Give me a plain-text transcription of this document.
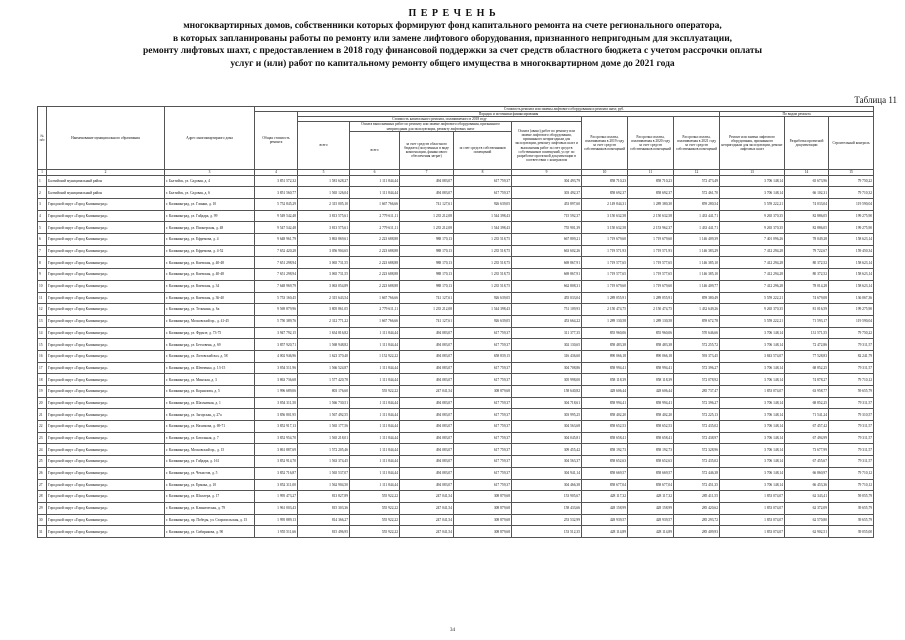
П Е Р Е Ч Е Н Ь
многоквартирных домов, собственники которых формируют фонд капитального ремонта на счете регионального оператора,
в которых запланированы работы по ремонту или замене лифтового оборудования, признанного непригодным для эксплуатации,
ремонту лифтовых шахт, с предоставлением в 2018 году финансовой поддержки за счет средств областного бюджета с учетом рассрочки оплаты
услуг и (или) работ по капитальному ремонту общего имущества в многоквартирном доме до 2021 года
Таблица 11
№ п/п	Наименование муниципального образования	Адрес многоквартирного дома	Стоимость ремонта или замены лифтового оборудования и ремонта шахт, руб.											
			Общая стоимость ремонта	Порядок и источники финансирования								По видам ремонта		
				Стоимость капитального ремонта, оплачиваемого в 2018 году					Рассрочка оплаты, оплачиваемая в 2019 году за счет средств собственников помещений	Рассрочка оплаты, оплачиваемая в 2020 году за счет средств собственников помещений	Рассрочка оплаты, оплачиваемая в 2021 году за счет средств собственников помещений	Ремонт или замена лифтового оборудования, признанного непригодным для эксплуатации, ремонт лифтовых шахт	Разработка проектной документации	Строительный контроль
				всего	Оплата выполненных работ по ремонту или замене лифтового оборудования, признанного непригодным для эксплуатации, ремонту лифтовых шахт			Оплата (аванс) работ по ремонту или замене лифтового оборудования, признанного непригодным для эксплуатации, ремонту лифтовых шахт и выполнения работ за счет средств собственников помещений, услуг по разработке проектной документации в соответствии с контрактом						
					всего	за счет средств областного бюджета (полученных в виде компенсации, финансового обеспечения затрат)	за счет средств собственников помещений							
1	2	3	4	5	6	7	8	9	10	11	12	13	14	15
1	Балтийский муниципальный район	г. Балтийск, ул. Садовая, д. 4	3 851 572,32	1 581 628,27	1 111 844,44	494 083,07	617 759,37	304 493,79	858 710,23	858 710,23	572 473,49	3 706 148,14	65 673,96	79 750,22
2	Балтийский муниципальный район	г. Балтийск, ул. Садовая, д. 6	3 851 560,77	1 565 126,04	1 111 844,44	494 083,07	617 759,37	303 492,37	858 692,37	858 692,37	572 461,70	3 706 148,14	66 102,31	79 710,32
3	Городской округ «Город Калининград»	г. Калининград, ул. Глинки, д. 10	5 752 845,29	2 315 005,10	1 667 766,66	741 127,61	926 639,05	453 897,60	2 149 844,31	1 289 380,30	859 280,54	5 559 222,21	74 033,04	119 590,04
4	Городской округ «Город Калининград»	г. Калининград, ул. Гайдара, д. 99	9 549 542,48	3 813 575,61	2 779 611,11	1 235 212,08	1 544 398,43	715 592,37	3 150 632,58	2 150 632,58	1 433 441,71	9 265 370,35	82 886,05	199 275,90
5	Городской округ «Город Калининград»	г. Калининград, ул. Пионерская, д. 48	9 547 542,48	3 813 575,61	2 779 611,11	1 235 212,08	1 544 398,43	755 901,39	3 150 632,58	2 153 962,37	1 433 441,71	9 265 370,35	82 886,05	199 275,90
6	Городской округ «Город Калининград»	г. Калининград, ул. Ефремова, д. 4	9 648 961,79	3 863 869,61	2 223 688,88	988 170,13	1 235 518,75	667 809,21	1 719 679,60	1 719 679,60	1 146 409,39	7 401 096,26	78 049,28	158 623,14
7	Городской округ «Город Калининград»	г. Калининград, ул. Ефремова, д. 4-52	7 652 420,28	3 056 904,65	2 223 688,88	988 170,13	1 235 518,75	663 602,26	1 719 571,93	1 719 571,93	1 146 383,29	7 412 294,28	79 722,67	159 450,34
8	Городской округ «Город Калининград»	г. Калининград, ул. Киевская, д. 40-48	7 651 298,94	3 065 731,55	2 223 688,88	988 170,13	1 235 518,75	669 867,91	1 719 577,65	1 719 577,65	1 146 385,10	7 412 294,28	80 372,52	158 623,14
9	Городской округ «Город Калининград»	г. Калининград, ул. Киевская, д. 40-48	7 651 298,94	3 065 731,55	2 223 688,88	988 170,13	1 235 518,75	669 867,91	1 719 577,65	1 719 577,65	1 146 385,10	7 412 294,28	80 372,52	158 623,14
10	Городской округ «Город Калининград»	г. Калининград, ул. Киевская, д. 34	7 648 969,79	3 063 054,89	2 223 688,88	988 170,13	1 235 518,75	662 808,31	1 719 679,60	1 719 679,60	1 146 409,77	7 412 296,28	78 014,28	158 623,14
11	Городской округ «Город Калининград»	г. Калининград, ул. Киевская, д. 36-40	5 753 160,45	2 315 643,54	1 667 766,66	741 127,61	926 639,05	455 033,04	1 289 055,91	1 289 055,91	859 380,49	5 559 222,21	74 679,08	136 067,36
12	Городской округ «Город Калининград»	г. Калининград, ул. Тельмана, д. 6а	9 569 879,96	3 805 861,05	2 779 611,11	1 235 212,08	1 544 398,43	751 109,93	2 150 474,75	2 150 474,75	1 432 649,26	9 265 370,35	81 016,59	199 275,90
13	Городской округ «Город Калининград»	г. Калининград, Московский пр., д. 41-45	5 750 389,76	2 312 771,22	1 667 766,66	741 127,61	926 639,05	453 664,22	1 289 130,58	1 289 130,58	859 672,78	5 559 222,21	71 593,17	119 590,04
14	Городской округ «Город Калининград»	г. Калининград, ул. Фрунзе, д. 73-75	3 947 792,15	1 634 816,82	1 111 844,44	494 083,07	617 759,37	311 377,35	855 960,06	855 960,06	570 646,66	3 706 148,14	131 571,55	79 750,22
15	Городской округ «Город Калининград»	г. Калининград, ул. Бетховена, д. 69	3 857 920,71	1 568 948,82	1 111 844,44	494 083,07	617 759,37	302 130,65	858 483,38	858 483,38	572 255,72	3 706 148,14	72 472,86	79 311,57
16	Городской округ «Город Калининград»	г. Калининград, ул. Литовский вал, д. 58	4 002 946,96	1 623 370,40	1 152 922,22	494 083,07	658 839,15	316 436,60	890 066,18	890 066,18	593 373,45	3 843 574,07	77 528,83	82 241,79
17	Городской округ «Город Калининград»	г. Калининград, ул. Шевченко, д. 13-15	3 854 511,96	1 566 524,87	1 111 844,44	494 083,07	617 759,37	304 708,86	858 994,41	858 994,41	572 396,27	3 706 148,14	68 852,25	79 311,57
18	Городской округ «Город Калининград»	г. Калининград, ул. Минская, д. 3	3 863 736,68	1 577 420,78	1 111 844,44	494 083,07	617 759,37	305 998,00	858 118,39	858 118,39	572 078,92	3 706 148,14	74 878,27	79 710,12
19	Городской округ «Город Калининград»	г. Калининград, ул. Корнилова, д. 5	1 996 689,06	803 176,60	555 922,22	247 041,54	308 879,68	158 640,82	428 606,44	428 606,44	285 737,47	1 853 074,07	63 958,77	59 655,79
20	Городской округ «Город Калининград»	г. Калининград, ул. Шахматная, д. 1	3 854 311,50	1 566 730,51	1 111 844,44	494 083,07	617 759,37	304 718,61	858 994,41	858 994,41	572 396,27	3 706 148,14	68 852,25	79 311,57
21	Городской округ «Город Калининград»	г. Калининград, ул. Загорская, д. 27а	3 856 801,95	1 567 492,55	1 111 844,44	494 083,07	617 759,37	303 995,25	858 402,20	858 402,20	572 225,13	3 706 148,14	71 541,24	79 310,57
22	Городской округ «Город Калининград»	г. Калининград, ул. Нахимова, д. 69-71	3 852 917,13	1 565 177,56	1 111 844,44	494 083,07	617 759,37	304 563,68	858 652,53	858 652,53	572 435,02	3 706 148,14	67 457,42	79 311,57
23	Городской округ «Город Калининград»	г. Калининград, ул. Батальная, д. 7	3 852 954,70	1 565 218,01	1 111 844,44	494 083,07	617 759,37	304 045,81	858 658,41	858 658,41	572 438,97	3 706 148,14	67 494,99	79 311,57
24	Городской округ «Город Калининград»	г. Калининград, Московский пр., д. 15	3 861 887,69	1 572 205,46	1 111 844,44	494 083,07	617 759,37	309 455,42	858 192,73	858 192,73	572 328,96	3 706 148,14	73 677,99	79 311,57
25	Городской округ «Город Калининград»	г. Калининград, ул. Гайдара, д. 161	3 852 914,70	1 563 374,45	1 111 844,44	494 083,07	617 759,37	304 563,37	858 652,63	858 652,63	572 435,02	3 706 148,14	67 455,67	79 311,57
26	Городской округ «Город Калининград»	г. Калининград, ул. Чекистов, д. 5	3 852 716,87	1 565 537,07	1 111 844,44	494 083,07	617 759,37	304 941,14	858 669,57	858 669,57	572 446,38	3 706 148,14	66 860,97	79 710,12
27	Городской округ «Город Калининград»	г. Калининград, ул. Ермака, д. 10	3 852 311,00	1 562 904,50	1 111 844,44	494 083,07	617 759,37	304 466,38	858 677,04	858 677,04	572 451,35	3 706 148,14	66 453,36	79 710,12
28	Городской округ «Город Калининград»	г. Калининград, ул. Шиллера, д. 17	1 995 473,27	813 827,89	555 922,22	247 041,54	308 879,68	153 905,67	428 117,32	428 117,32	285 411,55	1 853 074,07	62 343,41	59 055,79
29	Городской округ «Город Калининград»	г. Калининград, ул. Клиническая, д. 79	1 961 003,43	815 303,36	555 922,22	247 041,54	308 879,68	158 433,66	428 158,99	428 158,99	285 420,62	1 853 074,07	62 372,09	39 655,79
30	Городской округ «Город Калининград»	г. Калининград, пр. Победы, ул. Старопольская, д. 15	1 995 889,13	814 366,27	555 922,22	247 041,54	308 879,68	253 532,99	428 939,57	428 939,57	285 293,72	1 853 074,07	62 570,80	39 655,79
31	Городской округ «Город Калининград»	г. Калининград, ул. Сибирякова, д. 90	1 955 511,66	815 496,95	555 922,22	247 041,54	308 879,68	153 512,35	428 114,89	428 114,89	285 409,93	1 853 074,07	62 902,51	39 055,00
34
